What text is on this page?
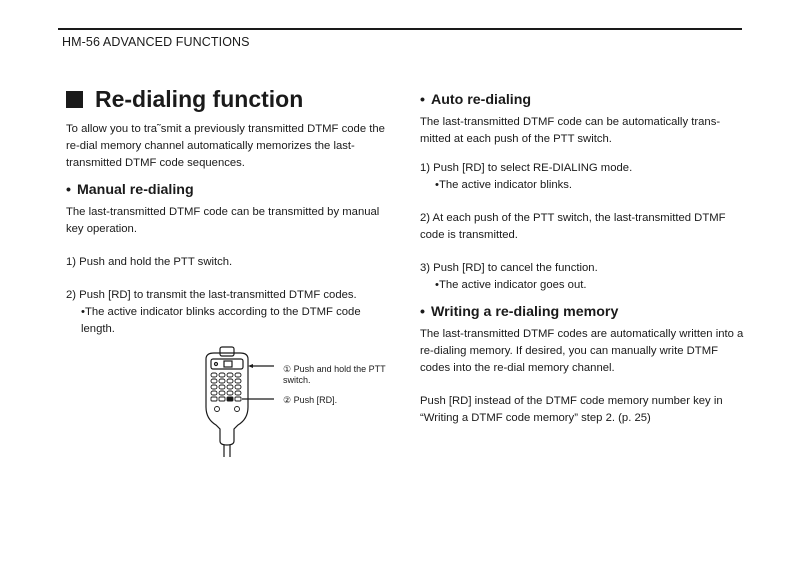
HM-56 ADVANCED FUNCTIONS
Re-dialing function

To allow you to tra˜smit a previously transmitted DTMF code the re-dial memory channel automatically memorizes the last-transmitted DTMF code sequences.

• Manual re-dialing

The last-transmitted DTMF code can be transmitted by manual key operation.

1) Push and hold the PTT switch.

2) Push [RD] to transmit the last-transmitted DTMF codes.

•The active indicator blinks according to the DTMF code length.

① Push and hold the PTT switch.
② Push [RD].
• Auto re-dialing

The last-transmitted DTMF code can be automatically trans-mitted at each push of the PTT switch.

1) Push [RD] to select RE-DIALING mode.

•The active indicator blinks.

2) At each push of the PTT switch, the last-transmitted DTMF code is transmitted.

3) Push [RD] to cancel the function.

•The active indicator goes out.

• Writing a re-dialing memory

The last-transmitted DTMF codes are automatically written into a re-dialing memory. If desired, you can manually write DTMF codes into the re-dial memory channel.

Push [RD] instead of the DTMF code memory number key in “Writing a DTMF code memory” step 2. (p. 25)
